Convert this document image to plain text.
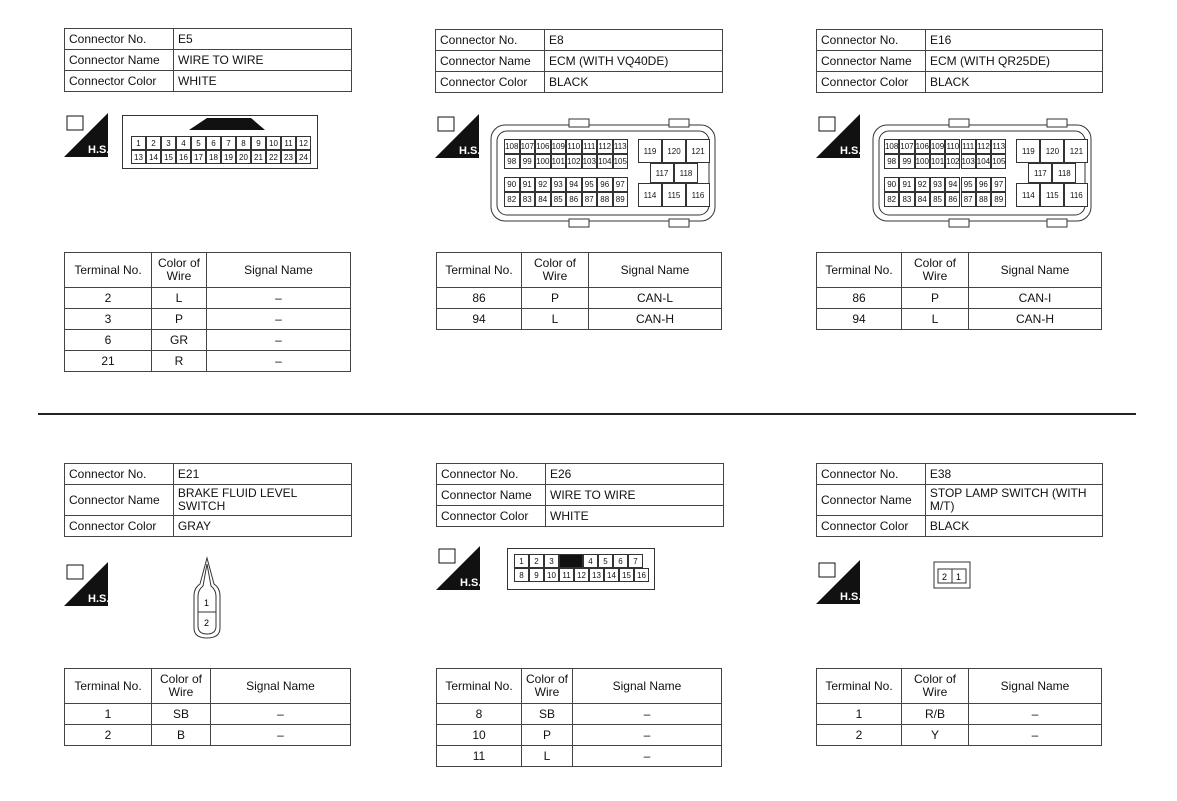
Connector No.	E5
Connector Name	WIRE TO WIRE
Connector Color	WHITE
H.S.
1	2	3	4	5	6	7	8	9	10 11 12
13 14 15 16 17 18 19 20 21 22 23 24
Terminal No.	Color of Wire	Signal Name
2	L	–
3	P	–
6	GR	–
21	R	–
Connector No.	E8
Connector Name	ECM (WITH VQ40DE)
Connector Color	BLACK
H.S.	108 107 106 109 110 111 112 113
98 99 100 101 102 103 104 105
90 91 92 93 94 95 96 97
82 83 84 85 86 87 88 89
119	120	121
117	118
114	115	116
Terminal No.	Color of Wire	Signal Name
86	P	CAN-L
94	L	CAN-H
Connector No.	E16
Connector Name	ECM (WITH QR25DE)
Connector Color	BLACK
H.S.	108 107 106 109 110 111 112 113
98 99 100 101 102 103 104 105
90 91 92 93 94 95 96 97
82 83 84 85 86 87 88 89
119	120	121
117	118
114	115	116
Terminal No.	Color of Wire	Signal Name
86	P	CAN-I
94	L	CAN-H
Connector No.	E21
Connector Name	BRAKE FLUID LEVEL SWITCH
Connector Color	GRAY
H.S.	1
2
Terminal No.	Color of Wire	Signal Name
1	SB	–
2	B	–
Connector No.	E26
Connector Name	WIRE TO WIRE
Connector Color	WHITE
H.S.
1	2	3	4	5	6	7
8	9	10 11 12 13 14 15 16
Terminal No.	Color of Wire	Signal Name
8	SB	–
10	P	–
11	L	–
Connector No.	E38
Connector Name	STOP LAMP SWITCH (WITH M/T)
Connector Color	BLACK
H.S.
2 1
Terminal No.	Color of Wire	Signal Name
1	R/B	–
2	Y	–
